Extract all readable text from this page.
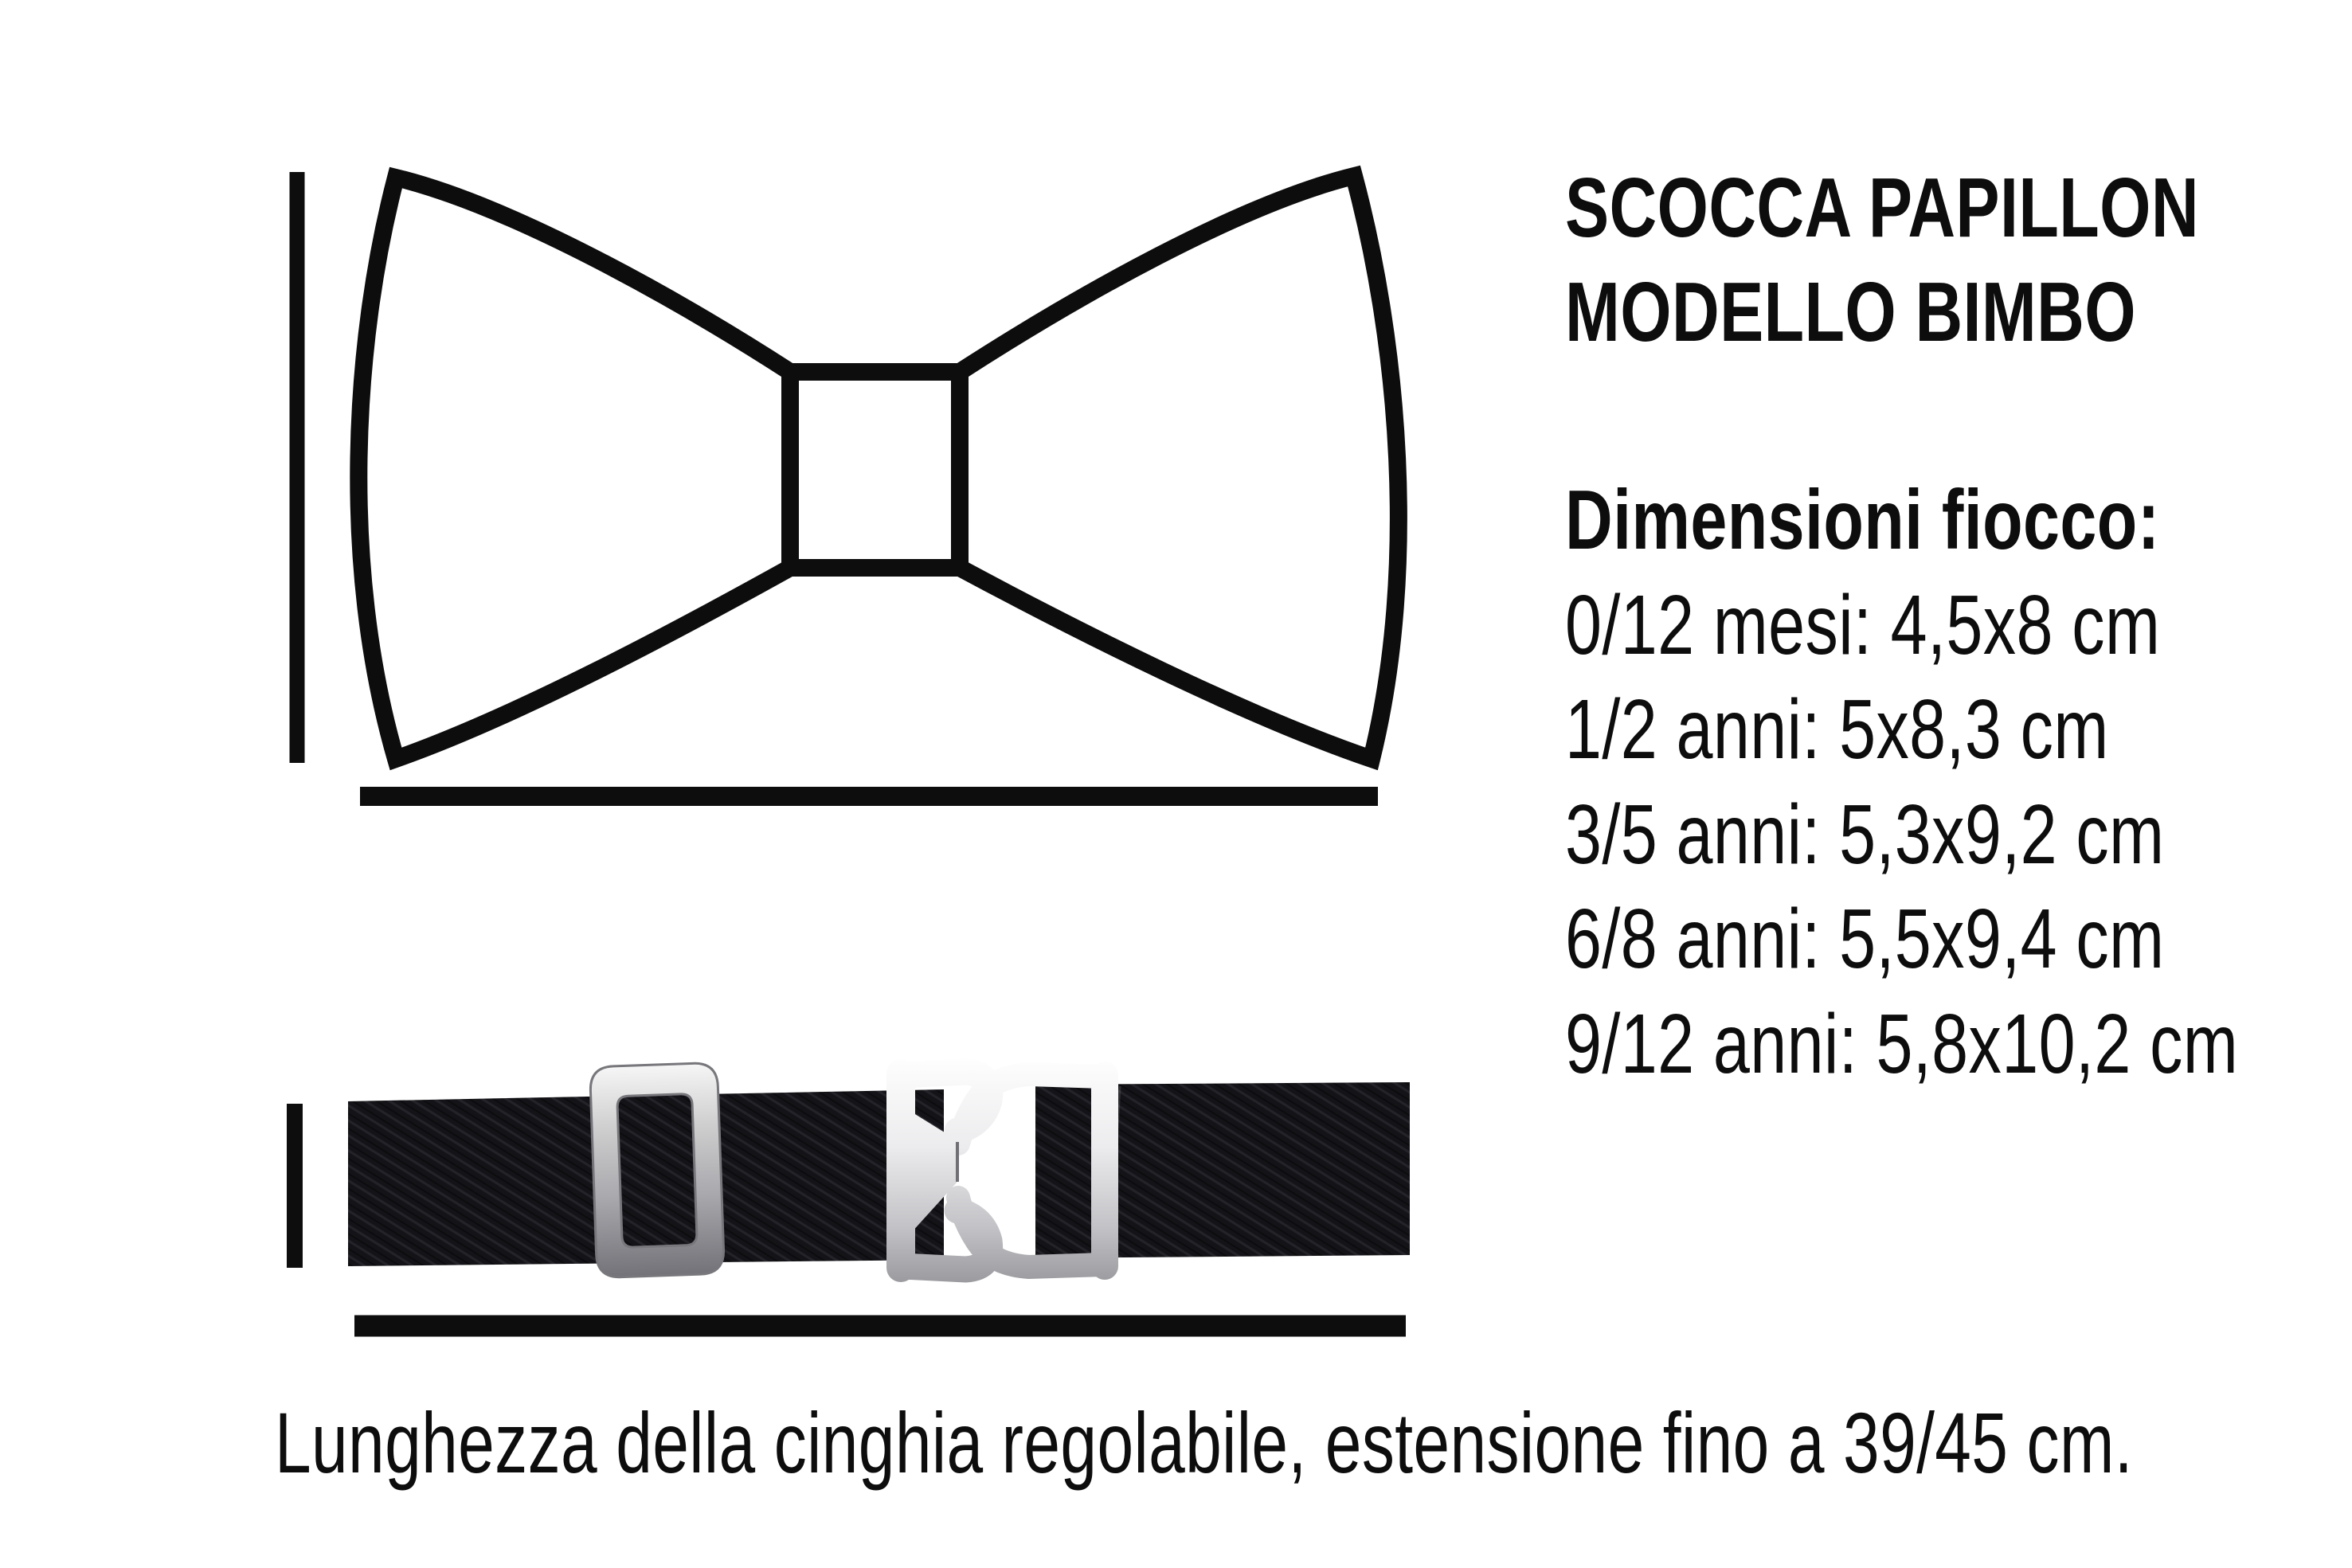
SCOCCA PAPILLON
MODELLO BIMBO
Dimensioni fiocco:
0/12 mesi: 4,5x8 cm
1/2 anni: 5x8,3 cm
3/5 anni: 5,3x9,2 cm
6/8 anni: 5,5x9,4 cm
9/12 anni: 5,8x10,2 cm
Lunghezza della cinghia regolabile, estensione fino a 39/45 cm.
